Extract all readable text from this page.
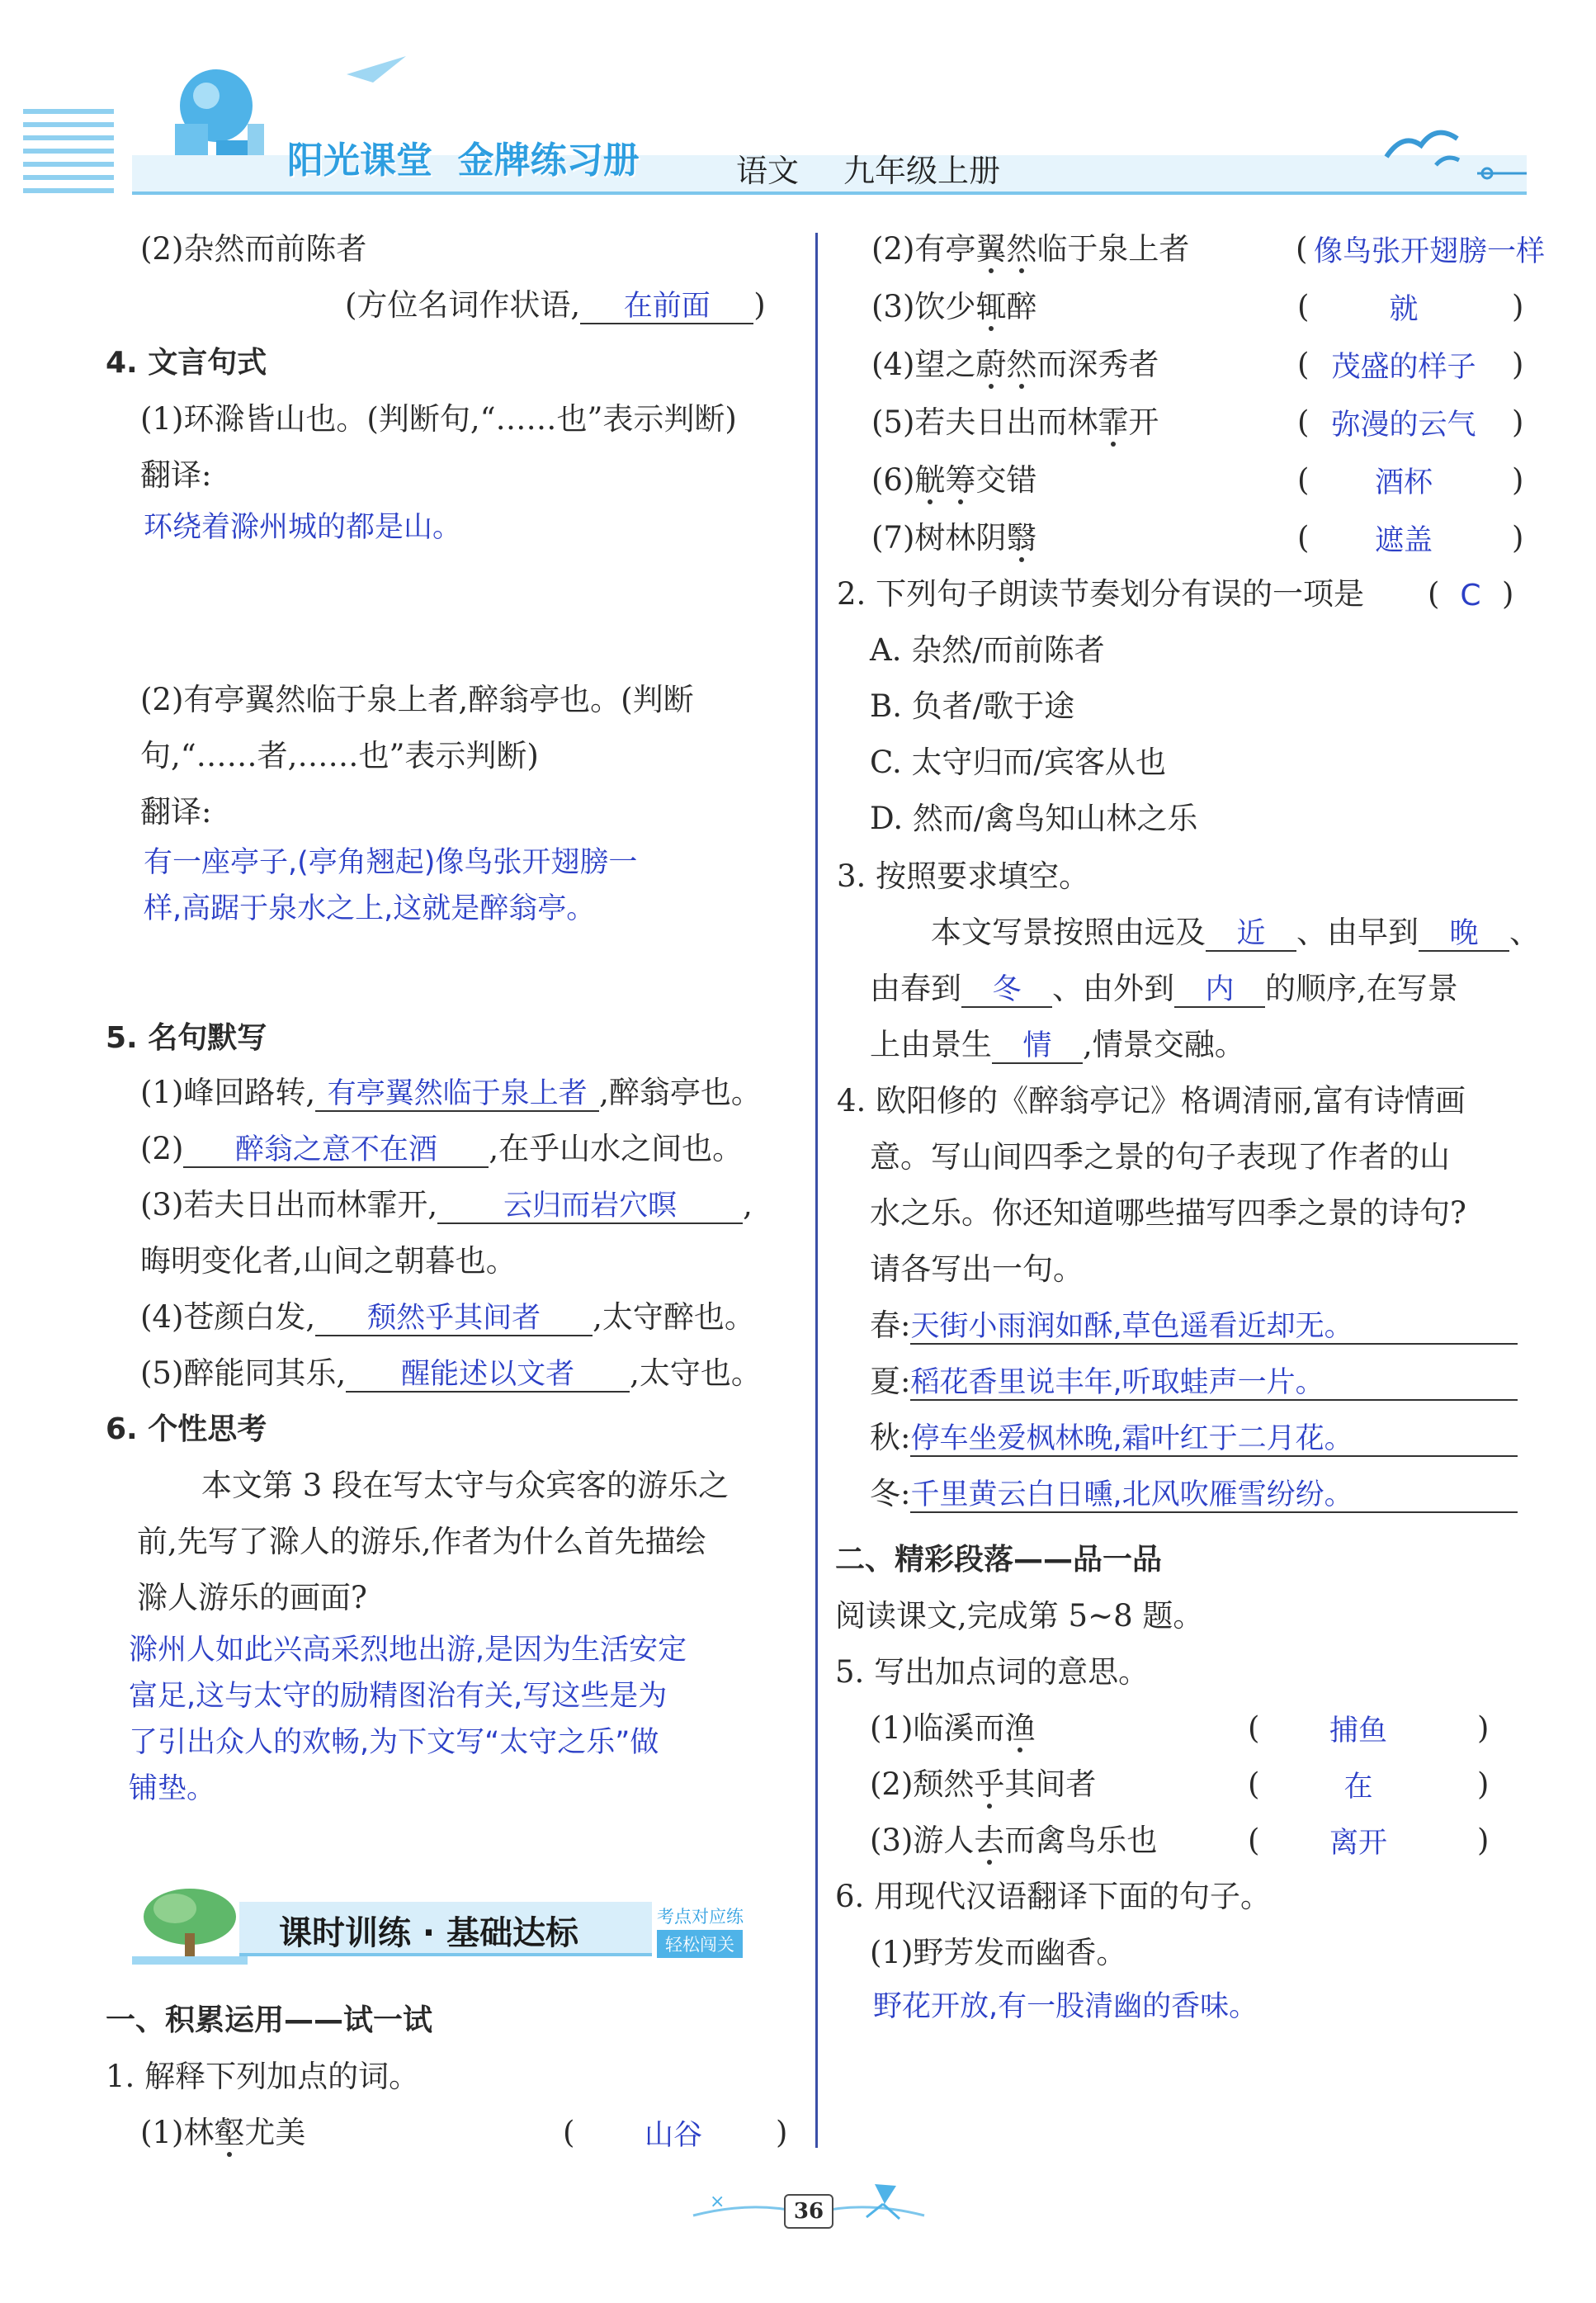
阳光课堂  金牌练习册	语文 九年级上册
(2)杂然而前陈者
(方位名词作状语, 在前面 )
4. 文言句式
(1)环滁皆山也。(判断句,“……也”表示判断)
翻译:
环绕着滁州城的都是山。
(2)有亭翼然临于泉上者,醉翁亭也。(判断
句,“……者,……也”表示判断)
翻译:
有一座亭子,(亭角翘起)像鸟张开翅膀一
样,高踞于泉水之上,这就是醉翁亭。
5. 名句默写
(1)峰回路转, 有亭翼然临于泉上者 ,醉翁亭也。
(2) 醉翁之意不在酒 ,在乎山水之间也。
(3)若夫日出而林霏开, 云归而岩穴暝 ,
晦明变化者,山间之朝暮也。
(4)苍颜白发, 颓然乎其间者 ,太守醉也。
(5)醉能同其乐, 醒能述以文者 ,太守也。
6. 个性思考
本文第 3 段在写太守与众宾客的游乐之
前,先写了滁人的游乐,作者为什么首先描绘
滁人游乐的画面?
滁州人如此兴高采烈地出游,是因为生活安定
富足,这与太守的励精图治有关,写这些是为
了引出众人的欢畅,为下文写“太守之乐”做
铺垫。
课时训练 · 基础达标	考点对应练
轻松闯关
一、积累运用——试一试
1. 解释下列加点的词。
(1)林壑尤美	(	山谷	)
(2)有亭翼然临于泉上者	( 像鸟张开翅膀一样
(3)饮少辄醉	(	就	)
(4)望之蔚然而深秀者	( 茂盛的样子	)
(5)若夫日出而林霏开	( 弥漫的云气	)
(6)觥筹交错	(	酒杯	)
(7)树林阴翳	(	遮盖	)
2. 下列句子朗读节奏划分有误的一项是 ( C )
A. 杂然/而前陈者
B. 负者/歌于途
C. 太守归而/宾客从也
D. 然而/禽鸟知山林之乐
3. 按照要求填空。
本文写景按照由远及 近 、由早到 晚 、
由春到 冬 、由外到 内 的顺序,在写景
上由景生 情 ,情景交融。
4. 欧阳修的《醉翁亭记》格调清丽,富有诗情画
意。写山间四季之景的句子表现了作者的山
水之乐。你还知道哪些描写四季之景的诗句?
请各写出一句。
春:天街小雨润如酥,草色遥看近却无。
夏:稻花香里说丰年,听取蛙声一片。
秋:停车坐爱枫林晚,霜叶红于二月花。
冬:千里黄云白日曛,北风吹雁雪纷纷。
二、精彩段落——品一品
阅读课文,完成第 5~8 题。
5. 写出加点词的意思。
(1)临溪而渔	(	捕鱼	)
(2)颓然乎其间者	(	在	)
(3)游人去而禽鸟乐也	(	离开	)
6. 用现代汉语翻译下面的句子。
(1)野芳发而幽香。
野花开放,有一股清幽的香味。
×	36
